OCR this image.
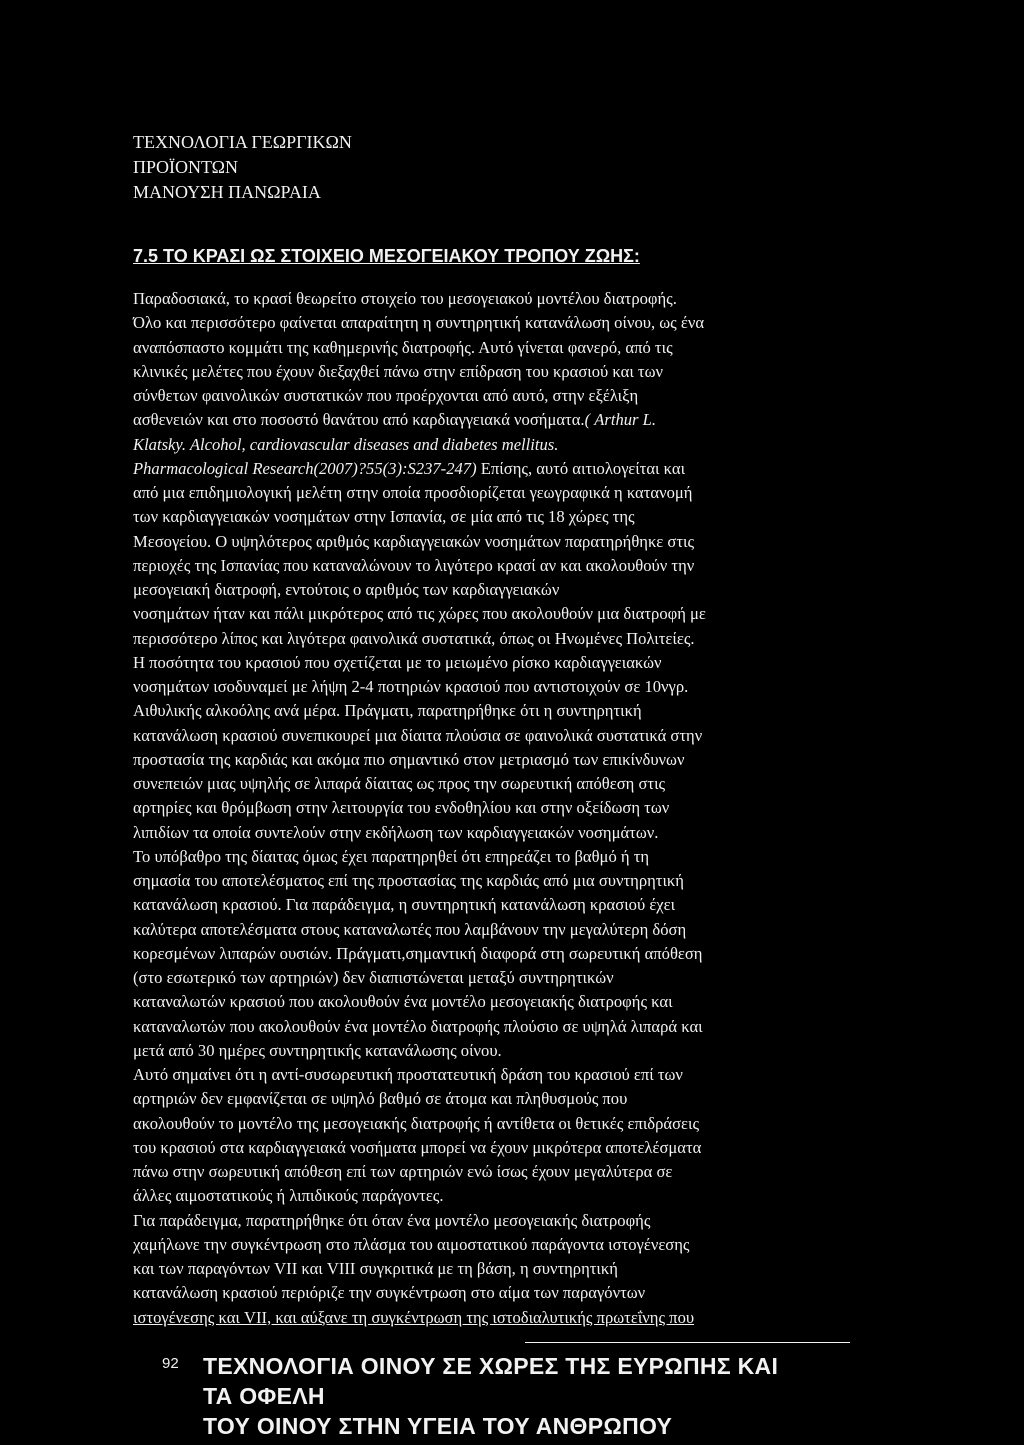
ΤΕΧΝΟΛΟΓΙΑ ΓΕΩΡΓΙΚΩΝ
ΠΡΟΪΟΝΤΩΝ
ΜΑΝΟΥΣΗ ΠΑΝΩΡΑΙΑ
7.5 ΤΟ ΚΡΑΣΙ ΩΣ ΣΤΟΙΧΕΙΟ ΜΕΣΟΓΕΙΑΚΟΥ ΤΡΟΠΟΥ ΖΩΗΣ:
Παραδοσιακά, το κρασί θεωρείτο στοιχείο του μεσογειακού μοντέλου διατροφής.
Όλο και περισσότερο φαίνεται απαραίτητη η συντηρητική κατανάλωση οίνου, ως ένα
αναπόσπαστο κομμάτι της καθημερινής διατροφής. Αυτό γίνεται φανερό, από τις
κλινικές μελέτες που έχουν διεξαχθεί πάνω στην επίδραση του κρασιού και των
σύνθετων φαινολικών συστατικών που προέρχονται από αυτό, στην εξέλιξη
ασθενειών και στο ποσοστό θανάτου από καρδιαγγειακά νοσήματα.( Arthur L.
Klatsky. Alcohol, cardiovascular diseases and diabetes mellitus.
Pharmacological Research(2007)?55(3):S237-247) Επίσης, αυτό αιτιολογείται και
από μια επιδημιολογική μελέτη στην οποία προσδιορίζεται γεωγραφικά η κατανομή
των καρδιαγγειακών νοσημάτων στην Ισπανία, σε μία από τις 18 χώρες της
Μεσογείου. Ο υψηλότερος αριθμός καρδιαγγειακών νοσημάτων παρατηρήθηκε στις
περιοχές της Ισπανίας που καταναλώνουν το λιγότερο κρασί αν και ακολουθούν την
μεσογειακή διατροφή, εντούτοις ο αριθμός των καρδιαγγειακών
νοσημάτων ήταν και πάλι μικρότερος από τις χώρες που ακολουθούν μια διατροφή με
περισσότερο λίπος και λιγότερα φαινολικά συστατικά, όπως οι Ηνωμένες Πολιτείες.
Η ποσότητα του κρασιού που σχετίζεται με το μειωμένο ρίσκο καρδιαγγειακών
νοσημάτων ισοδυναμεί με λήψη 2-4 ποτηριών κρασιού που αντιστοιχούν σε 10νγρ.
Αιθυλικής αλκοόλης ανά μέρα. Πράγματι, παρατηρήθηκε ότι η συντηρητική
κατανάλωση κρασιού συνεπικουρεί μια δίαιτα πλούσια σε φαινολικά συστατικά στην
προστασία της καρδιάς και ακόμα πιο σημαντικό στον μετριασμό των επικίνδυνων
συνεπειών μιας υψηλής σε λιπαρά δίαιτας ως προς την σωρευτική απόθεση στις
αρτηρίες και θρόμβωση στην λειτουργία του ενδοθηλίου και στην οξείδωση των
λιπιδίων τα οποία συντελούν στην εκδήλωση των καρδιαγγειακών νοσημάτων.
Το υπόβαθρο της δίαιτας όμως έχει παρατηρηθεί ότι επηρεάζει το βαθμό ή τη
σημασία του αποτελέσματος επί της προστασίας της καρδιάς από μια συντηρητική
κατανάλωση κρασιού. Για παράδειγμα, η συντηρητική κατανάλωση κρασιού έχει
καλύτερα αποτελέσματα στους καταναλωτές που λαμβάνουν την μεγαλύτερη δόση
κορεσμένων λιπαρών ουσιών. Πράγματι,σημαντική διαφορά στη σωρευτική απόθεση
(στο εσωτερικό των αρτηριών) δεν διαπιστώνεται μεταξύ συντηρητικών
καταναλωτών κρασιού που ακολουθούν ένα μοντέλο μεσογειακής διατροφής και
καταναλωτών που ακολουθούν ένα μοντέλο διατροφής πλούσιο σε υψηλά λιπαρά και
μετά από 30 ημέρες συντηρητικής κατανάλωσης οίνου.
Αυτό σημαίνει ότι η αντί-συσωρευτική προστατευτική δράση του κρασιού επί των
αρτηριών δεν εμφανίζεται σε υψηλό βαθμό σε άτομα και πληθυσμούς που
ακολουθούν το μοντέλο της μεσογειακής διατροφής ή αντίθετα οι θετικές επιδράσεις
του κρασιού στα καρδιαγγειακά νοσήματα μπορεί να έχουν μικρότερα αποτελέσματα
πάνω στην σωρευτική απόθεση επί των αρτηριών ενώ ίσως έχουν μεγαλύτερα σε
άλλες αιμοστατικούς ή λιπιδικούς παράγοντες.
Για παράδειγμα, παρατηρήθηκε ότι όταν ένα μοντέλο μεσογειακής διατροφής
χαμήλωνε την συγκέντρωση στο πλάσμα του αιμοστατικού παράγοντα ιστογένεσης
και των παραγόντων VII και VIII συγκριτικά με τη βάση, η συντηρητική
κατανάλωση κρασιού περιόριζε την συγκέντρωση στο αίμα των παραγόντων
ιστογένεσης και VII, και αύξανε τη συγκέντρωση της ιστοδιαλυτικής πρωτεΐνης που
92 ΤΕΧΝΟΛΟΓΙΑ ΟΙΝΟΥ ΣΕ ΧΩΡΕΣ ΤΗΣ ΕΥΡΩΠΗΣ ΚΑΙ
ΤΑ ΟΦΕΛΗ
ΤΟΥ ΟΙΝΟΥ ΣΤΗΝ ΥΓΕΙΑ ΤΟΥ ΑΝΘΡΩΠΟΥ
